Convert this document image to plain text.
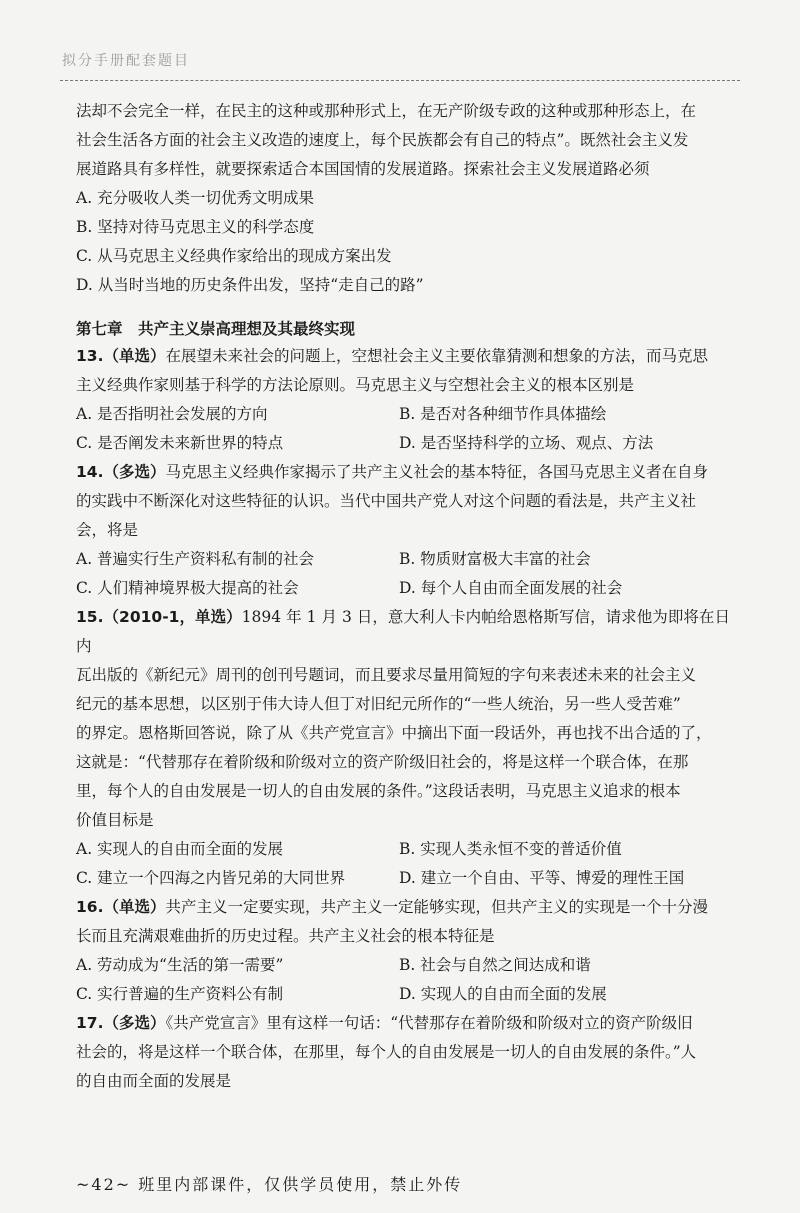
拟分手册配套题目

法却不会完全一样，在民主的这种或那种形式上，在无产阶级专政的这种或那种形态上，在

社会生活各方面的社会主义改造的速度上，每个民族都会有自己的特点”。既然社会主义发

展道路具有多样性，就要探索适合本国国情的发展道路。探索社会主义发展道路必须

A. 充分吸收人类一切优秀文明成果

B. 坚持对待马克思主义的科学态度

C. 从马克思主义经典作家给出的现成方案出发

D. 从当时当地的历史条件出发，坚持“走自己的路”

第七章　共产主义崇高理想及其最终实现

13.（单选）在展望未来社会的问题上，空想社会主义主要依靠猜测和想象的方法，而马克思

主义经典作家则基于科学的方法论原则。马克思主义与空想社会主义的根本区别是

A. 是否指明社会发展的方向	B. 是否对各种细节作具体描绘
C. 是否阐发未来新世界的特点	D. 是否坚持科学的立场、观点、方法

14.（多选）马克思主义经典作家揭示了共产主义社会的基本特征，各国马克思主义者在自身

的实践中不断深化对这些特征的认识。当代中国共产党人对这个问题的看法是，共产主义社

会，将是

A. 普遍实行生产资料私有制的社会	B. 物质财富极大丰富的社会
C. 人们精神境界极大提高的社会	D. 每个人自由而全面发展的社会

15.（2010-1，单选）1894 年 1 月 3 日，意大利人卡内帕给恩格斯写信，请求他为即将在日内

瓦出版的《新纪元》周刊的创刊号题词，而且要求尽量用简短的字句来表述未来的社会主义

纪元的基本思想，以区别于伟大诗人但丁对旧纪元所作的“一些人统治，另一些人受苦难”

的界定。恩格斯回答说，除了从《共产党宣言》中摘出下面一段话外，再也找不出合适的了，

这就是：“代替那存在着阶级和阶级对立的资产阶级旧社会的，将是这样一个联合体，在那

里，每个人的自由发展是一切人的自由发展的条件。”这段话表明，马克思主义追求的根本

价值目标是

A. 实现人的自由而全面的发展	B. 实现人类永恒不变的普适价值
C. 建立一个四海之内皆兄弟的大同世界	D. 建立一个自由、平等、博爱的理性王国

16.（单选）共产主义一定要实现，共产主义一定能够实现，但共产主义的实现是一个十分漫

长而且充满艰难曲折的历史过程。共产主义社会的根本特征是

A. 劳动成为“生活的第一需要”	B. 社会与自然之间达成和谐
C. 实行普遍的生产资料公有制	D. 实现人的自由而全面的发展

17.（多选）《共产党宣言》里有这样一句话：“代替那存在着阶级和阶级对立的资产阶级旧

社会的，将是这样一个联合体，在那里，每个人的自由发展是一切人的自由发展的条件。”人

的自由而全面的发展是

~42~ 班里内部课件，仅供学员使用，禁止外传
